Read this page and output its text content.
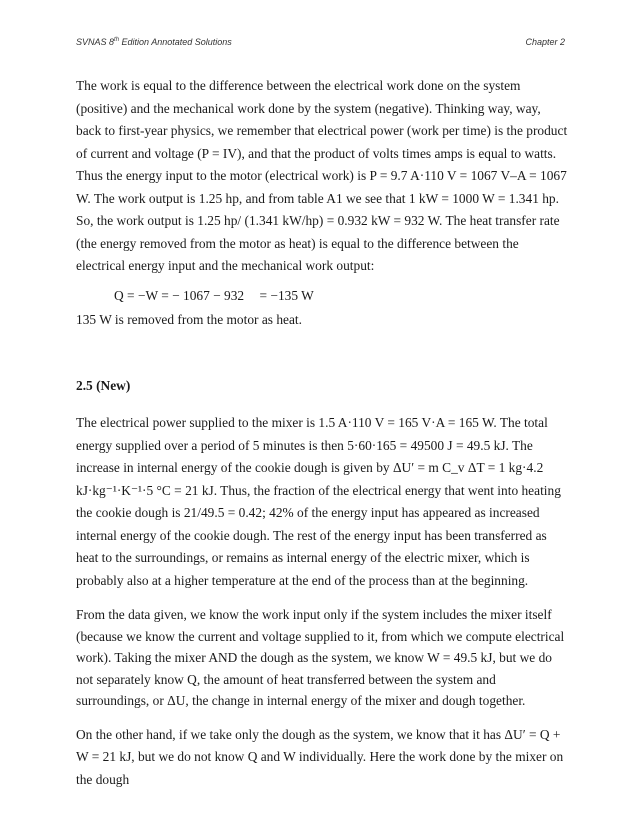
SVNAS 8th Edition Annotated Solutions	Chapter 2

The work is equal to the difference between the electrical work done on the system (positive) and the mechanical work done by the system (negative). Thinking way, way, back to first-year physics, we remember that electrical power (work per time) is the product of current and voltage (P = IV), and that the product of volts times amps is equal to watts. Thus the energy input to the motor (electrical work) is P = 9.7 A·110 V = 1067 V–A = 1067 W. The work output is 1.25 hp, and from table A1 we see that 1 kW = 1000 W = 1.341 hp. So, the work output is 1.25 hp/ (1.341 kW/hp) = 0.932 kW = 932 W. The heat transfer rate (the energy removed from the motor as heat) is equal to the difference between the electrical energy input and the mechanical work output:

Q = −W = − 1067 − 932 = −135 W

135 W is removed from the motor as heat.

2.5 (New)

The electrical power supplied to the mixer is 1.5 A·110 V = 165 V·A = 165 W. The total energy supplied over a period of 5 minutes is then 5·60·165 = 49500 J = 49.5 kJ. The increase in internal energy of the cookie dough is given by ΔU′ = m C_v ΔT = 1 kg·4.2 kJ·kg⁻¹·K⁻¹·5 °C = 21 kJ. Thus, the fraction of the electrical energy that went into heating the cookie dough is 21/49.5 = 0.42; 42% of the energy input has appeared as increased internal energy of the cookie dough. The rest of the energy input has been transferred as heat to the surroundings, or remains as internal energy of the electric mixer, which is probably also at a higher temperature at the end of the process than at the beginning.

From the data given, we know the work input only if the system includes the mixer itself (because we know the current and voltage supplied to it, from which we compute electrical work). Taking the mixer AND the dough as the system, we know W = 49.5 kJ, but we do not separately know Q, the amount of heat transferred between the system and surroundings, or ΔU, the change in internal energy of the mixer and dough together.

On the other hand, if we take only the dough as the system, we know that it has ΔU′ = Q + W = 21 kJ, but we do not know Q and W individually. Here the work done by the mixer on the dough
